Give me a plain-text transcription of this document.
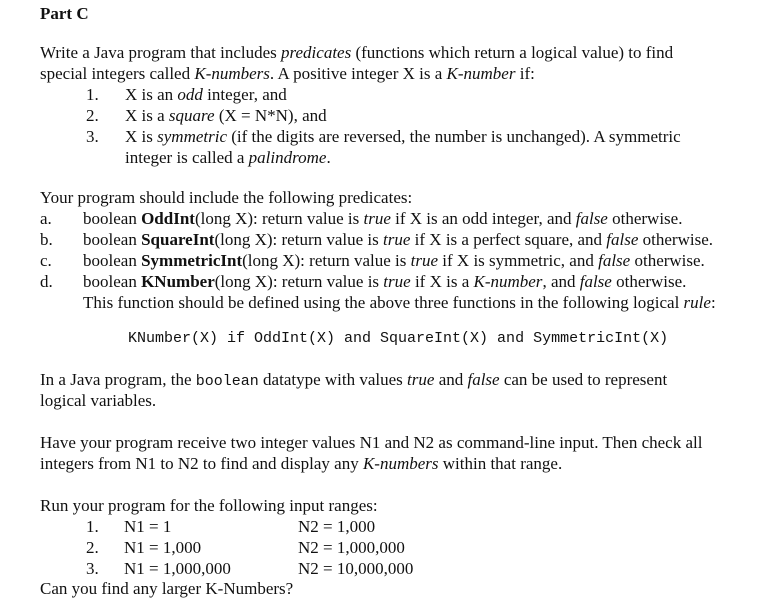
Part C
Write a Java program that includes predicates (functions which return a logical value) to find
special integers called K-numbers. A positive integer X is a K-number if:
1. X is an odd integer, and
2. X is a square (X = N*N), and
3. X is symmetric (if the digits are reversed, the number is unchanged). A symmetric
integer is called a palindrome.
Your program should include the following predicates:
a. boolean OddInt(long X): return value is true if X is an odd integer, and false otherwise.
b. boolean SquareInt(long X): return value is true if X is a perfect square, and false otherwise.
c. boolean SymmetricInt(long X): return value is true if X is symmetric, and false otherwise.
d. boolean KNumber(long X): return value is true if X is a K-number, and false otherwise.
This function should be defined using the above three functions in the following logical rule:
KNumber(X) if OddInt(X) and SquareInt(X) and SymmetricInt(X)
In a Java program, the boolean datatype with values true and false can be used to represent
logical variables.
Have your program receive two integer values N1 and N2 as command-line input. Then check all
integers from N1 to N2 to find and display any K-numbers within that range.
Run your program for the following input ranges:
1. N1 = 1	N2 = 1,000
2. N1 = 1,000	N2 = 1,000,000
3. N1 = 1,000,000	N2 = 10,000,000
Can you find any larger K-Numbers?
